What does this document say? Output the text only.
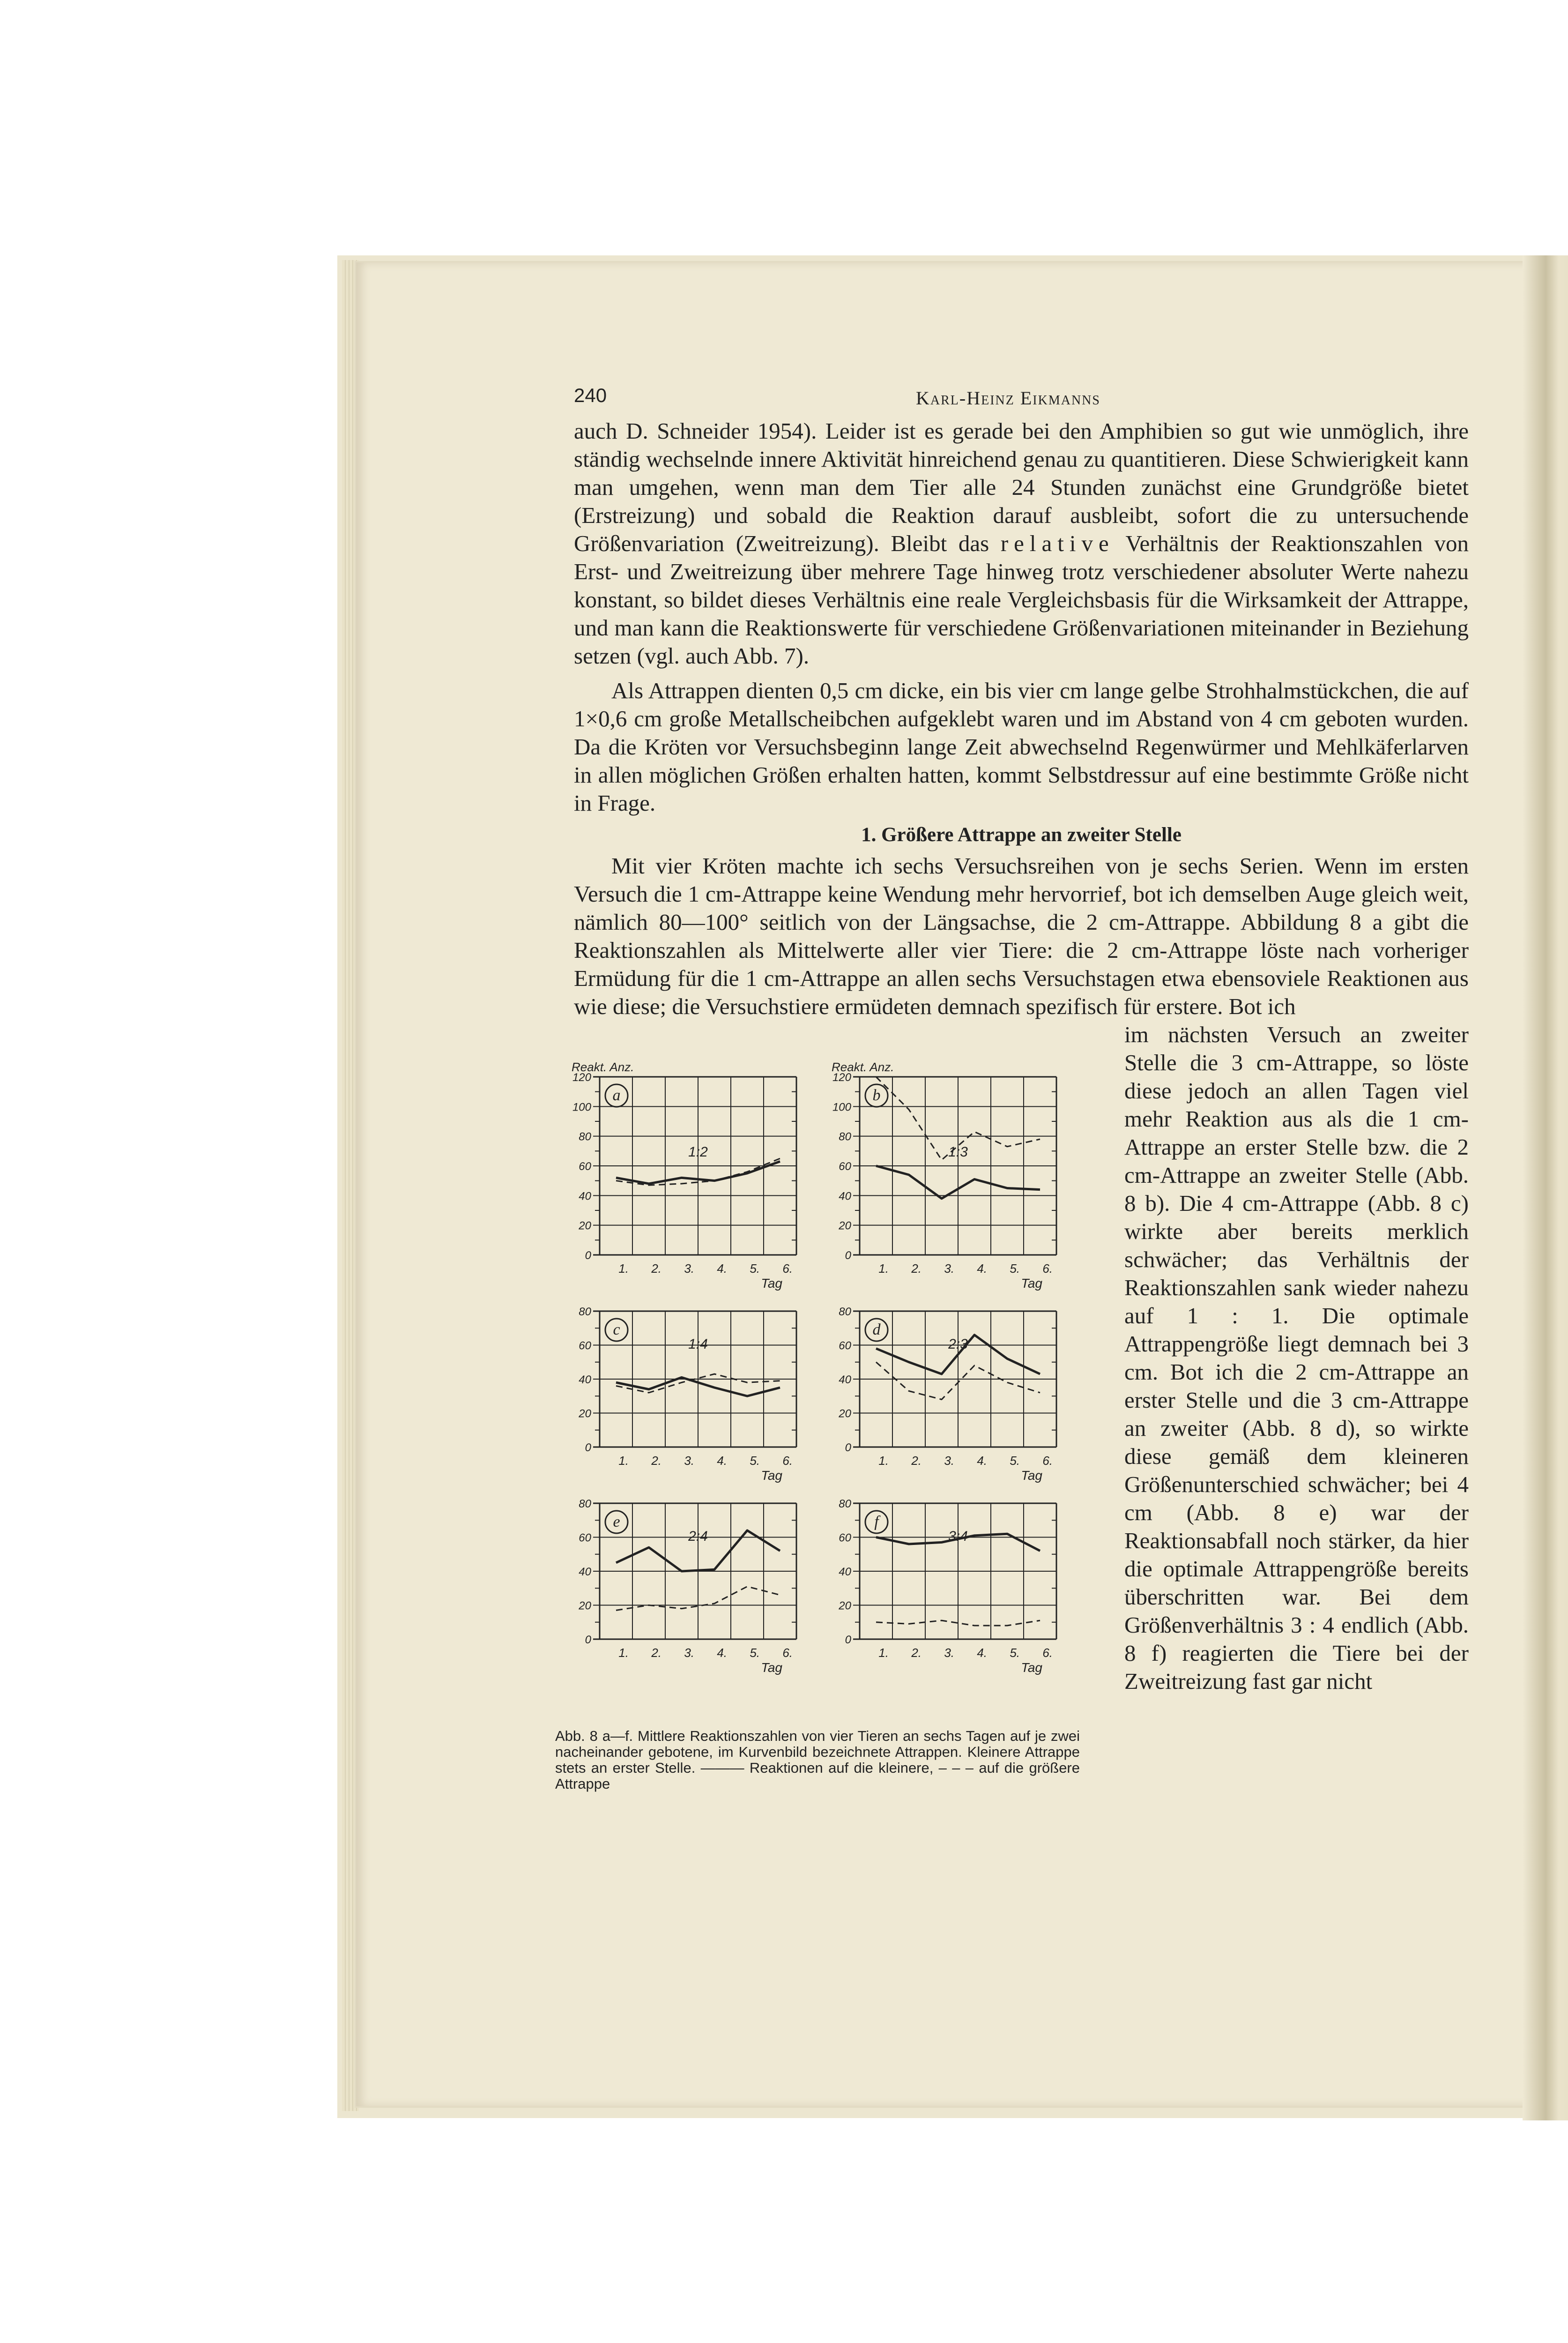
240	Karl-Heinz Eikmanns

auch D. Schneider 1954). Leider ist es gerade bei den Amphibien so gut wie unmöglich, ihre ständig wechselnde innere Aktivität hinreichend genau zu quantitieren. Diese Schwierigkeit kann man umgehen, wenn man dem Tier alle 24 Stunden zunächst eine Grundgröße bietet (Erstreizung) und sobald die Reaktion darauf ausbleibt, sofort die zu untersuchende Größenvariation (Zweitreizung). Bleibt das relative Verhältnis der Reaktionszahlen von Erst- und Zweitreizung über mehrere Tage hinweg trotz verschiedener absoluter Werte nahezu konstant, so bildet dieses Verhältnis eine reale Vergleichsbasis für die Wirksamkeit der Attrappe, und man kann die Reaktionswerte für verschiedene Größenvariationen miteinander in Beziehung setzen (vgl. auch Abb. 7).

Als Attrappen dienten 0,5 cm dicke, ein bis vier cm lange gelbe Strohhalmstückchen, die auf 1×0,6 cm große Metallscheibchen aufgeklebt waren und im Abstand von 4 cm geboten wurden. Da die Kröten vor Versuchsbeginn lange Zeit abwechselnd Regenwürmer und Mehlkäferlarven in allen möglichen Größen erhalten hatten, kommt Selbstdressur auf eine bestimmte Größe nicht in Frage.

1. Größere Attrappe an zweiter Stelle

Mit vier Kröten machte ich sechs Versuchsreihen von je sechs Serien. Wenn im ersten Versuch die 1 cm-Attrappe keine Wendung mehr hervorrief, bot ich demselben Auge gleich weit, nämlich 80—100° seitlich von der Längsachse, die 2 cm-Attrappe. Abbildung 8 a gibt die Reaktionszahlen als Mittelwerte aller vier Tiere: die 2 cm-Attrappe löste nach vorheriger Ermüdung für die 1 cm-Attrappe an allen sechs Versuchstagen etwa ebensoviele Reaktionen aus wie diese; die Versuchstiere ermüdeten demnach spezifisch für erstere. Bot ich

Reakt. Anz.
0
20
40
60
80
100
120
1. 2. 3. 4. 5. 6.
Tag
a
1:2
Reakt. Anz.
0
20
40
60
80
100
120
1. 2. 3. 4. 5. 6.
Tag
b
1:3
0
20
40
60
80
1. 2. 3. 4. 5. 6.
Tag
c
1:4
0
20
40
60
80
1. 2. 3. 4. 5. 6.
Tag
d
2:3
0
20
40
60
80
1. 2. 3. 4. 5. 6.
Tag
e
2:4
0
20
40
60
80
1. 2. 3. 4. 5. 6.
Tag
f
3:4
Abb. 8 a—f. Mittlere Reaktionszahlen von vier Tieren an sechs Tagen auf je zwei nacheinander gebotene, im Kurvenbild bezeichnete Attrappen. Kleinere Attrappe stets an erster Stelle. ——— Reaktionen auf die kleinere, – – – auf die größere Attrappe

im nächsten Versuch an zweiter Stelle die 3 cm-Attrappe, so löste diese jedoch an allen Tagen viel mehr Reaktion aus als die 1 cm-Attrappe an erster Stelle bzw. die 2 cm-Attrappe an zweiter Stelle (Abb. 8 b). Die 4 cm-Attrappe (Abb. 8 c) wirkte aber bereits merklich schwächer; das Verhältnis der Reaktionszahlen sank wieder nahezu auf 1 : 1. Die optimale Attrappengröße liegt demnach bei 3 cm. Bot ich die 2 cm-Attrappe an erster Stelle und die 3 cm-Attrappe an zweiter (Abb. 8 d), so wirkte diese gemäß dem kleineren Größenunterschied schwächer; bei 4 cm (Abb. 8 e) war der Reaktionsabfall noch stärker, da hier die optimale Attrappengröße bereits überschritten war. Bei dem Größenverhältnis 3 : 4 endlich (Abb. 8 f) reagierten die Tiere bei der Zweitreizung fast gar nicht
